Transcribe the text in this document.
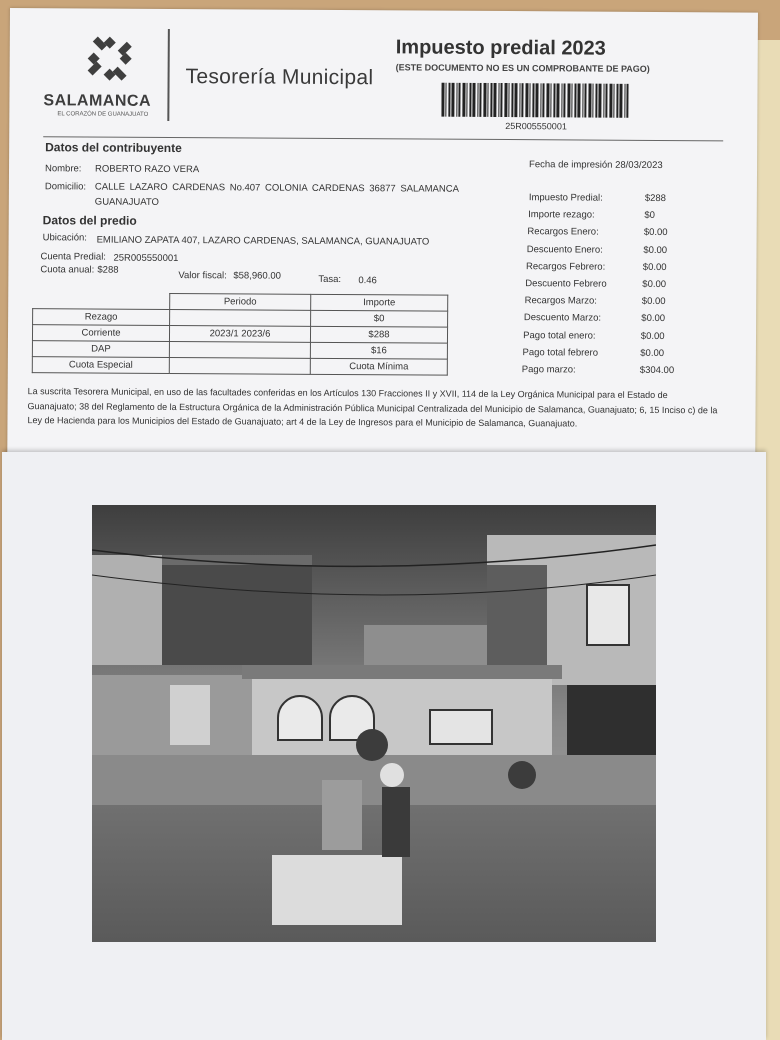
SALAMANCA
EL CORAZÓN DE GUANAJUATO
Tesorería Municipal
Impuesto predial 2023
(ESTE DOCUMENTO NO ES UN COMPROBANTE DE PAGO)
25R005550001
Datos del contribuyente
Nombre: ROBERTO RAZO VERA
Domicilio: CALLE LAZARO CARDENAS No.407 COLONIA CARDENAS 36877 SALAMANCA
GUANAJUATO
Datos del predio
Ubicación: EMILIANO ZAPATA 407, LAZARO CARDENAS, SALAMANCA, GUANAJUATO
Cuenta Predial: 25R005550001
Cuota anual: $288	Valor fiscal: $58,960.00	Tasa: 0.46
Fecha de impresión 28/03/2023
Impuesto Predial:	$288
Importe rezago:	$0
Recargos Enero:	$0.00
Descuento Enero:	$0.00
Recargos Febrero:	$0.00
Descuento Febrero	$0.00
Recargos Marzo:	$0.00
Descuento Marzo:	$0.00
Pago total enero:	$0.00
Pago total febrero	$0.00
Pago marzo:	$304.00
	Periodo	Importe
Rezago		$0
Corriente	2023/1 2023/6	$288
DAP		$16
Cuota Especial		Cuota Mínima
La suscrita Tesorera Municipal, en uso de las facultades conferidas en los Artículos 130 Fracciones II y XVII, 114 de la Ley Orgánica Municipal para el Estado de Guanajuato; 38 del Reglamento de la Estructura Orgánica de la Administración Pública Municipal Centralizada del Municipio de Salamanca, Guanajuato; 6, 15 Inciso c) de la Ley de Hacienda para los Municipios del Estado de Guanajuato; art 4 de la Ley de Ingresos para el Municipio de Salamanca, Guanajuato.
